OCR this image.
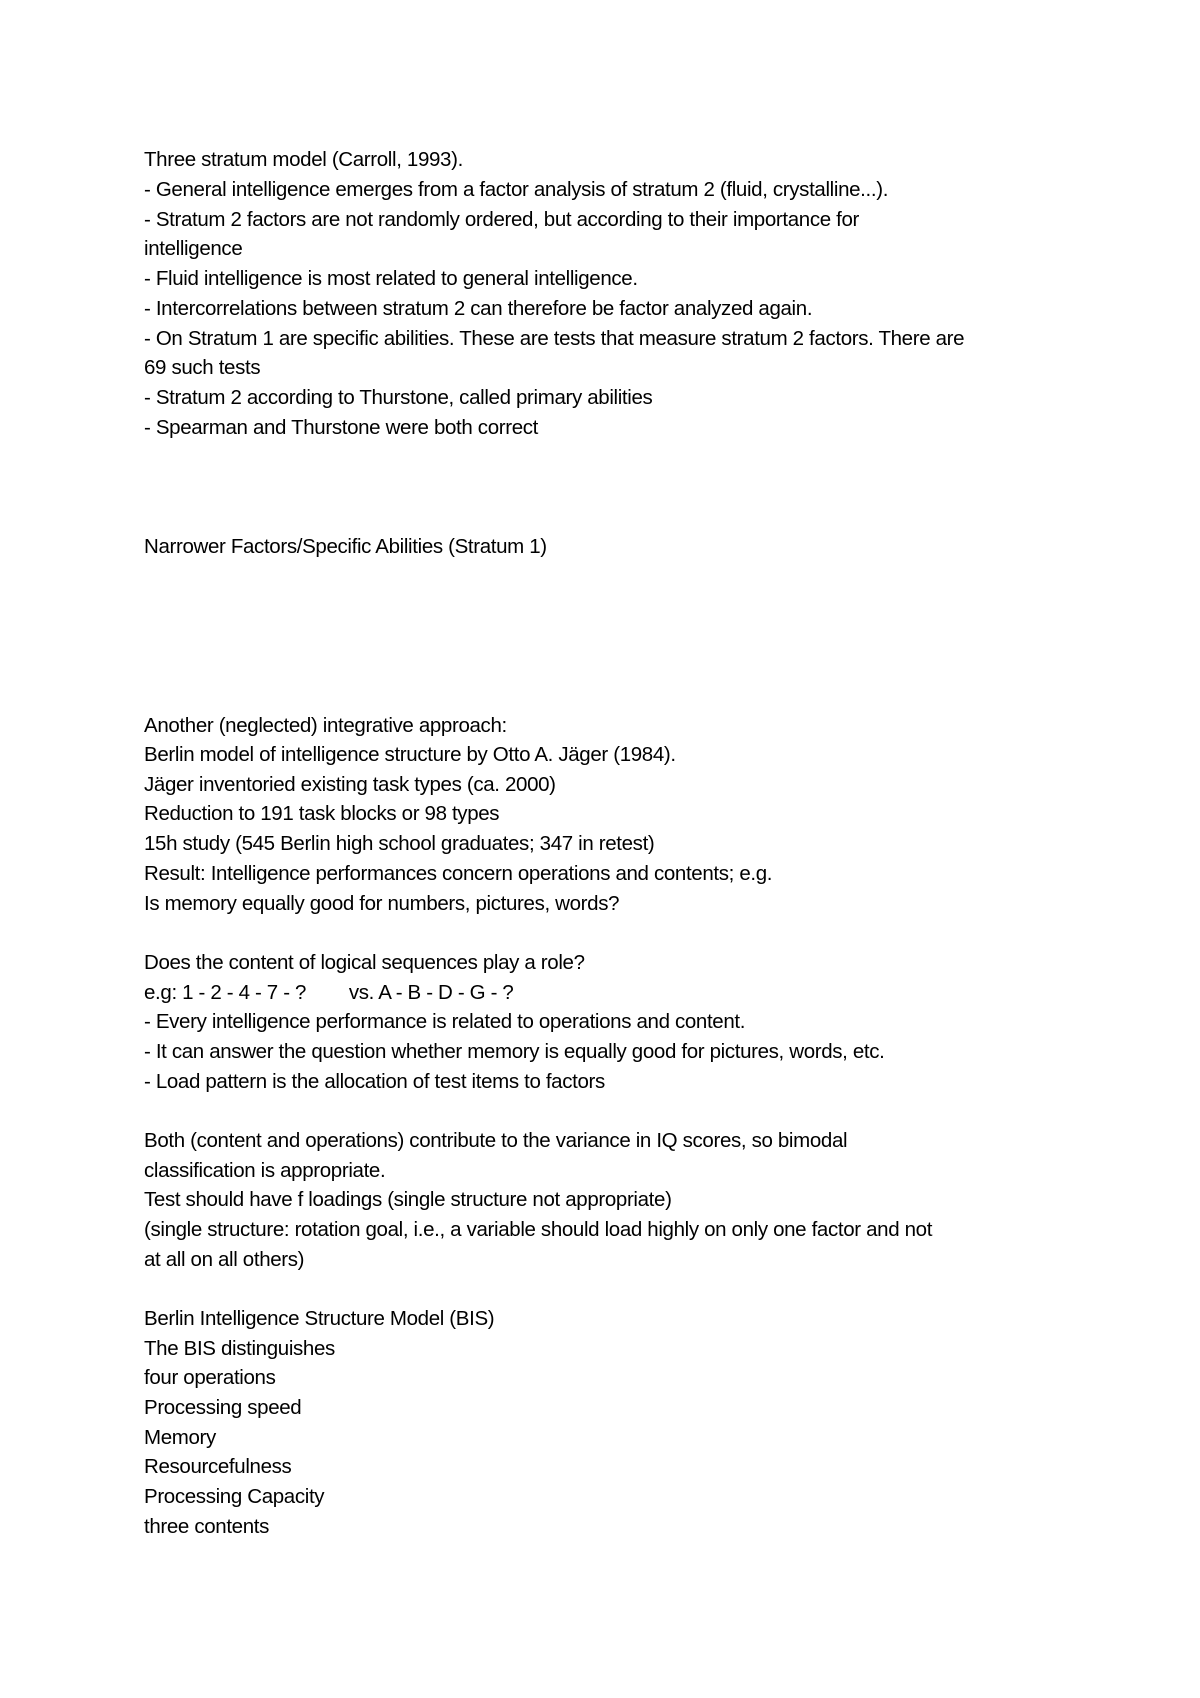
Three stratum model (Carroll, 1993).

- General intelligence emerges from a factor analysis of stratum 2 (fluid, crystalline...).

- Stratum 2 factors are not randomly ordered, but according to their importance for

intelligence

- Fluid intelligence is most related to general intelligence.

- Intercorrelations between stratum 2 can therefore be factor analyzed again.

- On Stratum 1 are specific abilities. These are tests that measure stratum 2 factors. There are

69 such tests

- Stratum 2 according to Thurstone, called primary abilities

- Spearman and Thurstone were both correct

Narrower Factors/Specific Abilities (Stratum 1)

Another (neglected) integrative approach:

Berlin model of intelligence structure by Otto A. Jäger (1984).

Jäger inventoried existing task types (ca. 2000)

Reduction to 191 task blocks or 98 types

15h study (545 Berlin high school graduates; 347 in retest)

Result: Intelligence performances concern operations and contents; e.g.

Is memory equally good for numbers, pictures, words?

Does the content of logical sequences play a role?

e.g: 1 - 2 - 4 - 7 - ?        vs. A - B - D - G - ?

- Every intelligence performance is related to operations and content.

- It can answer the question whether memory is equally good for pictures, words, etc.

- Load pattern is the allocation of test items to factors

Both (content and operations) contribute to the variance in IQ scores, so bimodal

classification is appropriate.

Test should have f loadings (single structure not appropriate)

(single structure: rotation goal, i.e., a variable should load highly on only one factor and not

at all on all others)

Berlin Intelligence Structure Model (BIS)

The BIS distinguishes

four operations

Processing speed

Memory

Resourcefulness

Processing Capacity

three contents
